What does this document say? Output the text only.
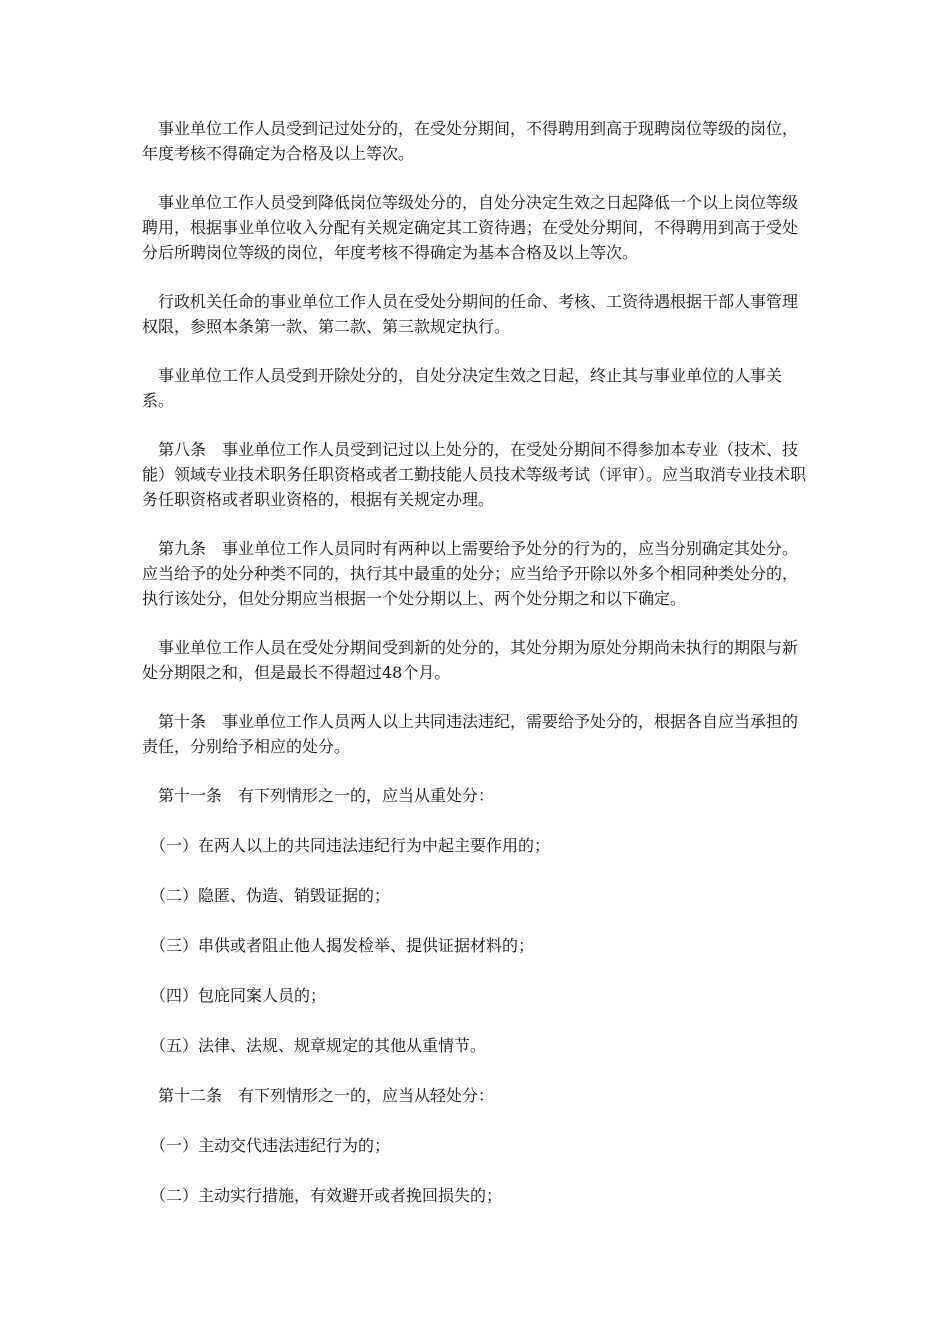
　事业单位工作人员受到记过处分的，在受处分期间，不得聘用到高于现聘岗位等级的岗位，年度考核不得确定为合格及以上等次。

　事业单位工作人员受到降低岗位等级处分的，自处分决定生效之日起降低一个以上岗位等级聘用，根据事业单位收入分配有关规定确定其工资待遇；在受处分期间，不得聘用到高于受处分后所聘岗位等级的岗位，年度考核不得确定为基本合格及以上等次。

　行政机关任命的事业单位工作人员在受处分期间的任命、考核、工资待遇根据干部人事管理权限，参照本条第一款、第二款、第三款规定执行。

　事业单位工作人员受到开除处分的，自处分决定生效之日起，终止其与事业单位的人事关系。

　第八条　事业单位工作人员受到记过以上处分的，在受处分期间不得参加本专业（技术、技能）领域专业技术职务任职资格或者工勤技能人员技术等级考试（评审）。应当取消专业技术职务任职资格或者职业资格的，根据有关规定办理。

　第九条　事业单位工作人员同时有两种以上需要给予处分的行为的，应当分别确定其处分。应当给予的处分种类不同的，执行其中最重的处分；应当给予开除以外多个相同种类处分的，执行该处分，但处分期应当根据一个处分期以上、两个处分期之和以下确定。

　事业单位工作人员在受处分期间受到新的处分的，其处分期为原处分期尚未执行的期限与新处分期限之和，但是最长不得超过48个月。

　第十条　事业单位工作人员两人以上共同违法违纪，需要给予处分的，根据各自应当承担的责任，分别给予相应的处分。

　第十一条　有下列情形之一的，应当从重处分：

　（一）在两人以上的共同违法违纪行为中起主要作用的；

　（二）隐匿、伪造、销毁证据的；

　（三）串供或者阻止他人揭发检举、提供证据材料的；

　（四）包庇同案人员的；

　（五）法律、法规、规章规定的其他从重情节。

　第十二条　有下列情形之一的，应当从轻处分：

　（一）主动交代违法违纪行为的；

　（二）主动实行措施，有效避开或者挽回损失的；
